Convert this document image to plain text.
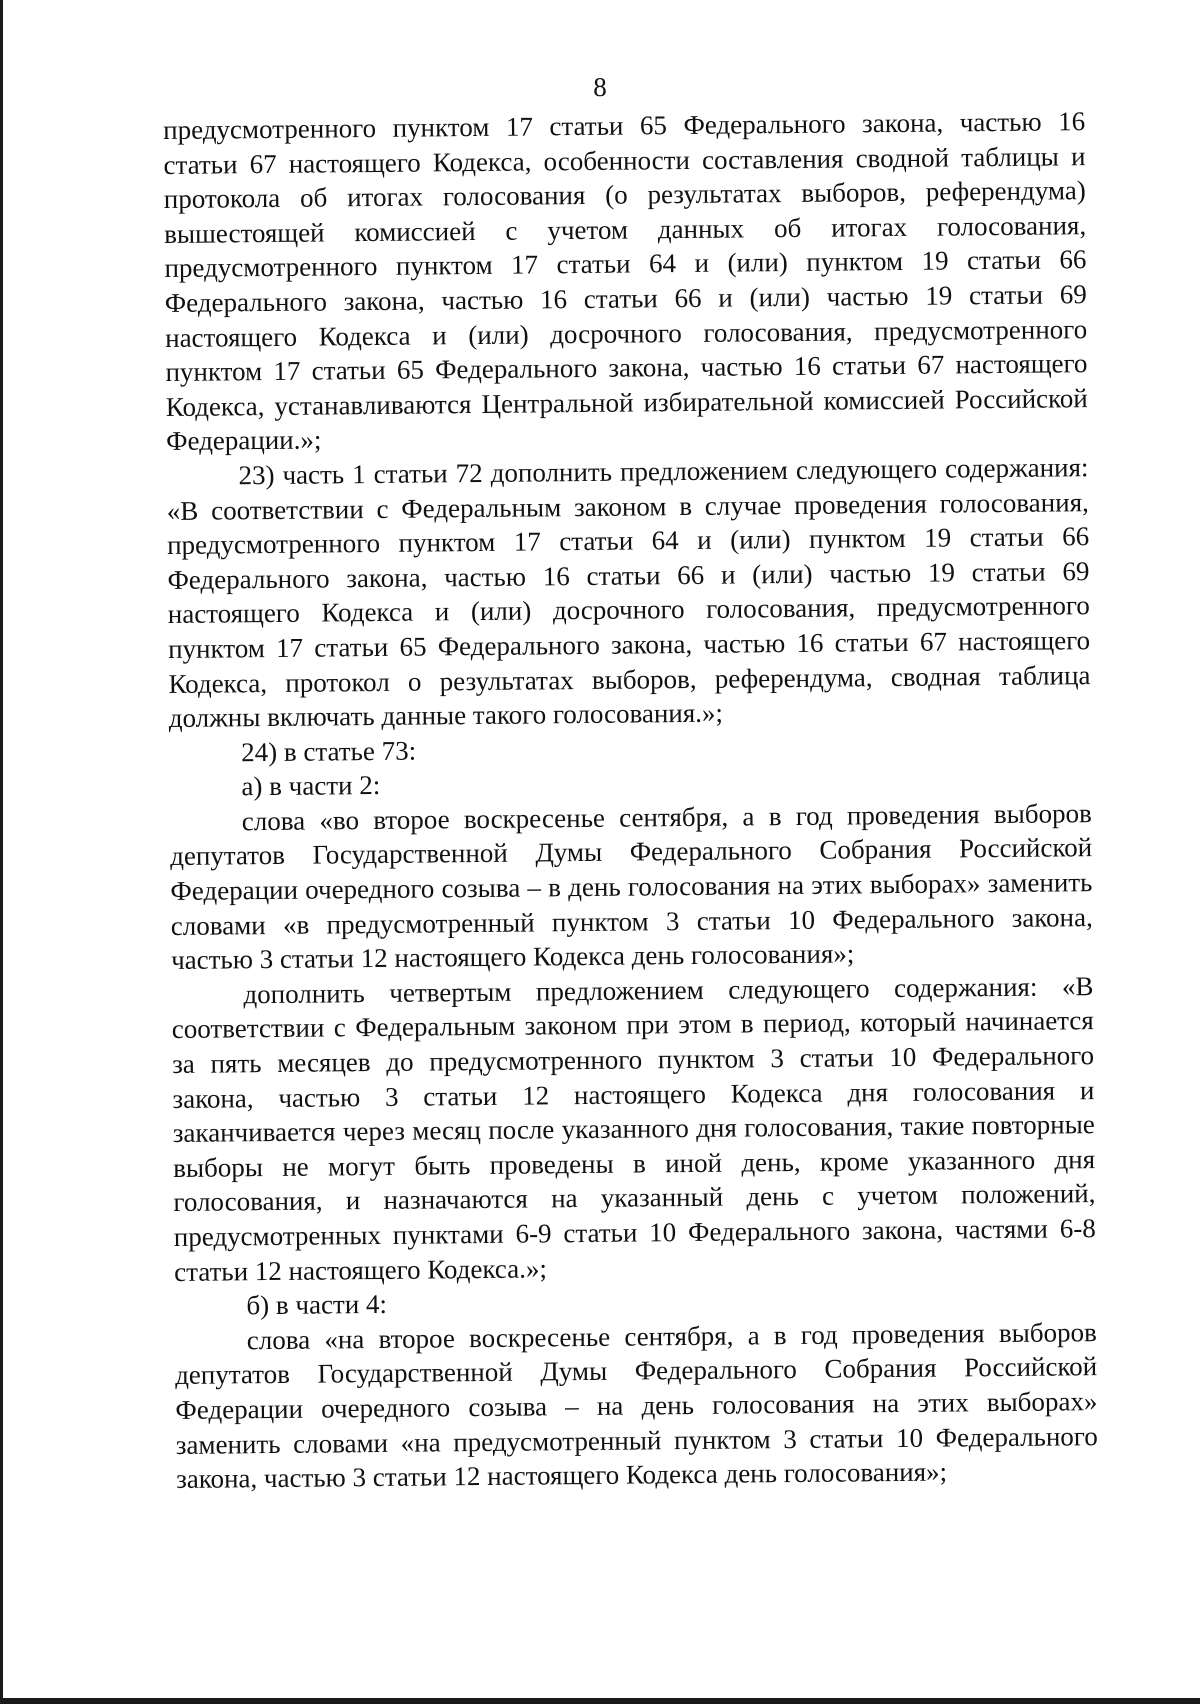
8

предусмотренного пунктом 17 статьи 65 Федерального закона, частью 16 статьи 67 настоящего Кодекса, особенности составления сводной таблицы и протокола об итогах голосования (о результатах выборов, референдума) вышестоящей комиссией с учетом данных об итогах голосования, предусмотренного пунктом 17 статьи 64 и (или) пунктом 19 статьи 66 Федерального закона, частью 16 статьи 66 и (или) частью 19 статьи 69 настоящего Кодекса и (или) досрочного голосования, предусмотренного пунктом 17 статьи 65 Федерального закона, частью 16 статьи 67 настоящего Кодекса, устанавливаются Центральной избирательной комиссией Российской Федерации.»;

23) часть 1 статьи 72 дополнить предложением следующего содержания: «В соответствии с Федеральным законом в случае проведения голосования, предусмотренного пунктом 17 статьи 64 и (или) пунктом 19 статьи 66 Федерального закона, частью 16 статьи 66 и (или) частью 19 статьи 69 настоящего Кодекса и (или) досрочного голосования, предусмотренного пунктом 17 статьи 65 Федерального закона, частью 16 статьи 67 настоящего Кодекса, протокол о результатах выборов, референдума, сводная таблица должны включать данные такого голосования.»;

24) в статье 73:

а) в части 2:

слова «во второе воскресенье сентября, а в год проведения выборов депутатов Государственной Думы Федерального Собрания Российской Федерации очередного созыва – в день голосования на этих выборах» заменить словами «в предусмотренный пунктом 3 статьи 10 Федерального закона, частью 3 статьи 12 настоящего Кодекса день голосования»;

дополнить четвертым предложением следующего содержания: «В соответствии с Федеральным законом при этом в период, который начинается за пять месяцев до предусмотренного пунктом 3 статьи 10 Федерального закона, частью 3 статьи 12 настоящего Кодекса дня голосования и заканчивается через месяц после указанного дня голосования, такие повторные выборы не могут быть проведены в иной день, кроме указанного дня голосования, и назначаются на указанный день с учетом положений, предусмотренных пунктами 6-9 статьи 10 Федерального закона, частями 6-8 статьи 12 настоящего Кодекса.»;

б) в части 4:

слова «на второе воскресенье сентября, а в год проведения выборов депутатов Государственной Думы Федерального Собрания Российской Федерации очередного созыва – на день голосования на этих выборах» заменить словами «на предусмотренный пунктом 3 статьи 10 Федерального закона, частью 3 статьи 12 настоящего Кодекса день голосования»;
